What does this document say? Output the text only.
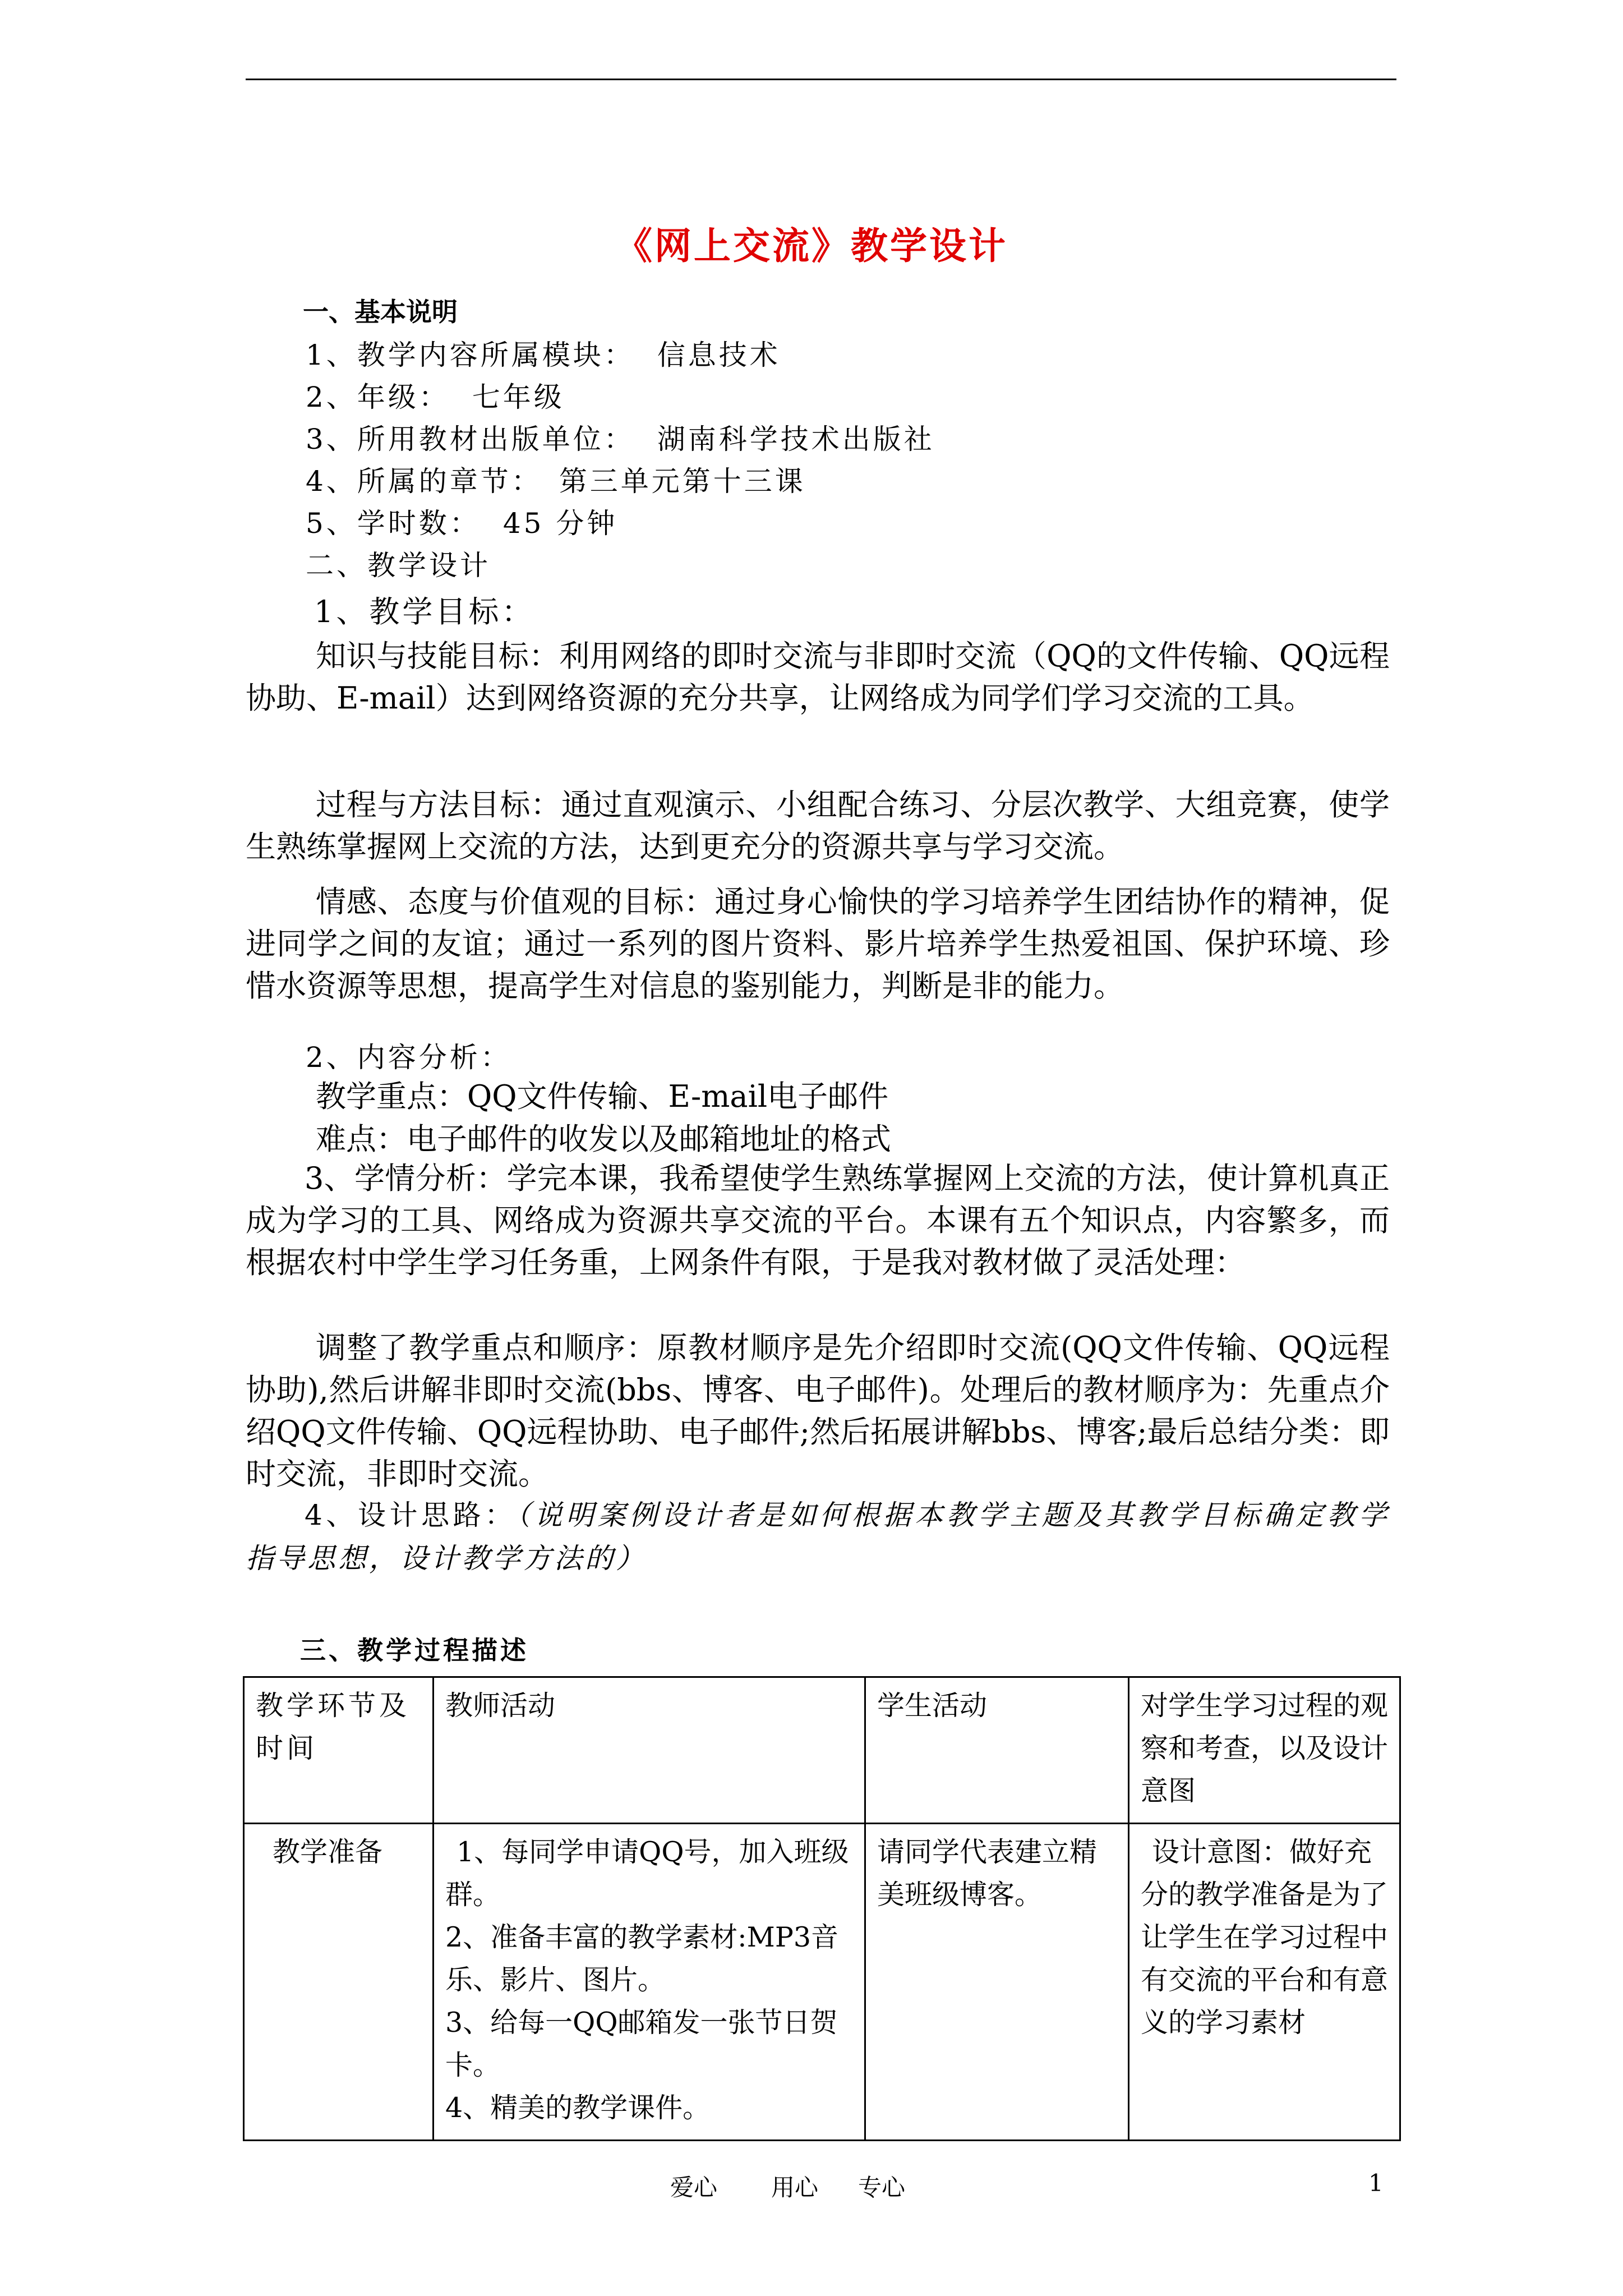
《网上交流》教学设计
一、基本说明
1、教学内容所属模块： 信息技术
2、年级： 七年级
3、所用教材出版单位： 湖南科学技术出版社
4、所属的章节： 第三单元第十三课
5、学时数： 45 分钟
二、教学设计
1、教学目标：
知识与技能目标：利用网络的即时交流与非即时交流（QQ的文件传输、QQ远程协助、E-mail）达到网络资源的充分共享，让网络成为同学们学习交流的工具。
过程与方法目标：通过直观演示、小组配合练习、分层次教学、大组竞赛，使学生熟练掌握网上交流的方法，达到更充分的资源共享与学习交流。
情感、态度与价值观的目标：通过身心愉快的学习培养学生团结协作的精神，促进同学之间的友谊；通过一系列的图片资料、影片培养学生热爱祖国、保护环境、珍惜水资源等思想，提高学生对信息的鉴别能力，判断是非的能力。
2、内容分析：
教学重点：QQ文件传输、E-mail电子邮件
难点：电子邮件的收发以及邮箱地址的格式
3、学情分析：学完本课，我希望使学生熟练掌握网上交流的方法，使计算机真正成为学习的工具、网络成为资源共享交流的平台。本课有五个知识点，内容繁多，而根据农村中学生学习任务重，上网条件有限，于是我对教材做了灵活处理：
调整了教学重点和顺序：原教材顺序是先介绍即时交流(QQ文件传输、QQ远程协助),然后讲解非即时交流(bbs、博客、电子邮件)。处理后的教材顺序为：先重点介绍QQ文件传输、QQ远程协助、电子邮件;然后拓展讲解bbs、博客;最后总结分类：即时交流，非即时交流。
4、设计思路：（说明案例设计者是如何根据本教学主题及其教学目标确定教学指导思想，设计教学方法的）
三、教学过程描述
教学环节及时间	教师活动	学生活动	对学生学习过程的观察和考查，以及设计意图
教学准备	1、每同学申请QQ号，加入班级群。
2、准备丰富的教学素材:MP3音乐、影片、图片。
3、给每一QQ邮箱发一张节日贺卡。
4、精美的教学课件。	请同学代表建立精美班级博客。	设计意图：做好充分的教学准备是为了让学生在学习过程中有交流的平台和有意义的学习素材
爱心 用心 专心	1
